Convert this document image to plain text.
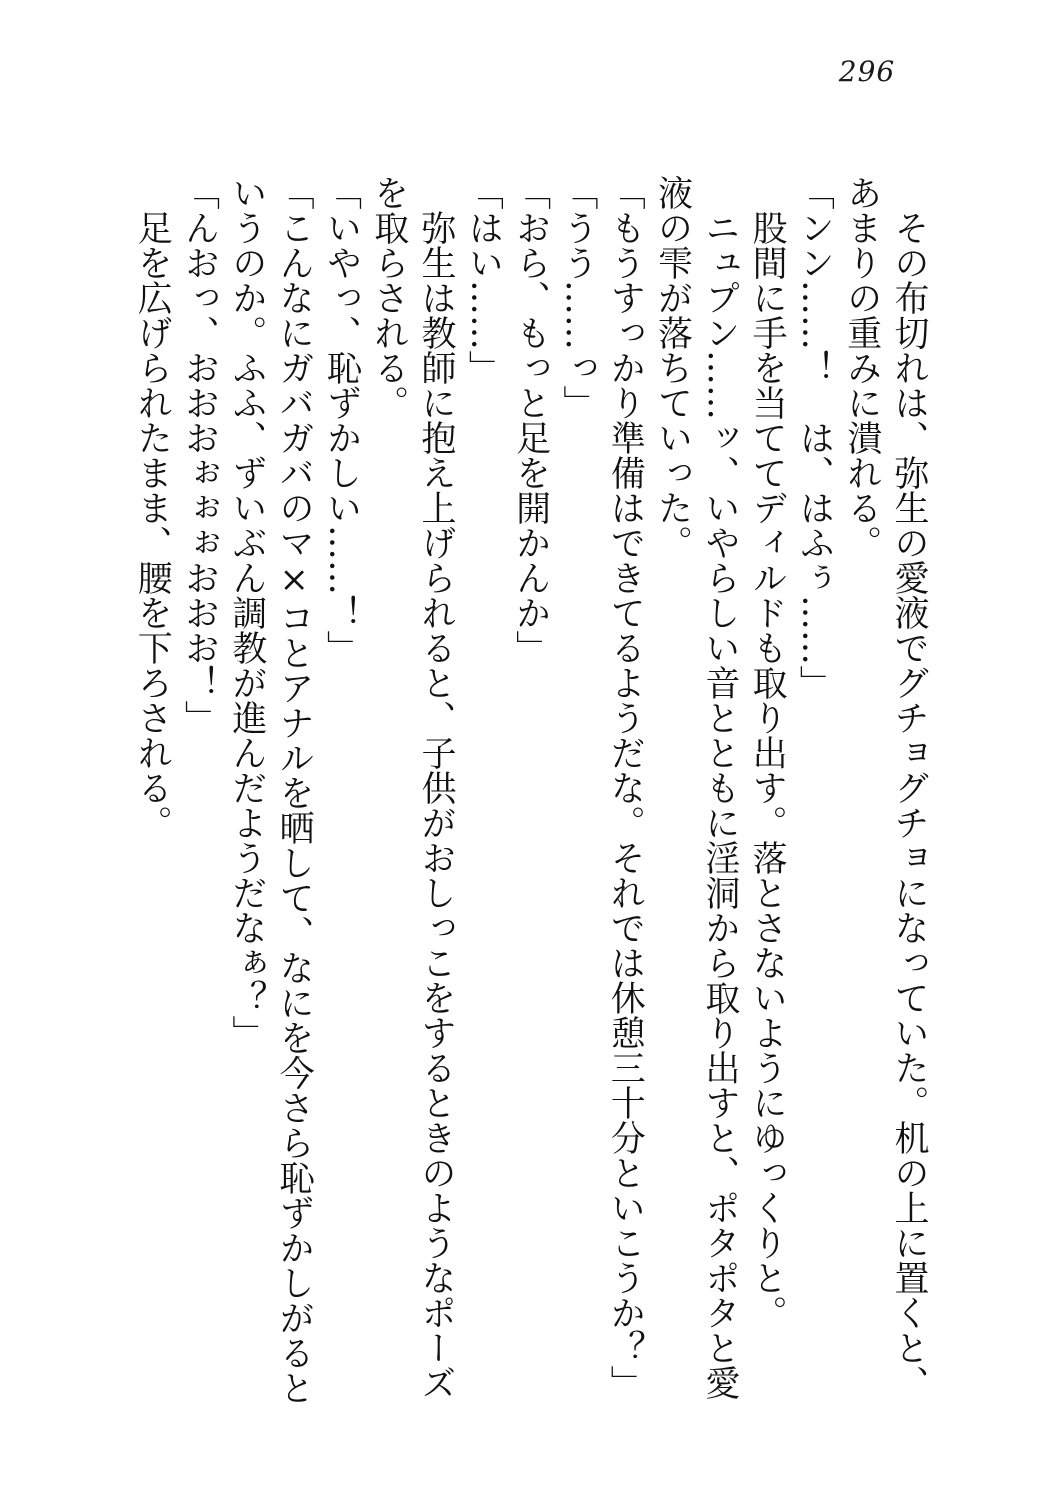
296

その布切れは、弥生の愛液でグチョグチョになっていた。机の上に置くと、あまりの重みに潰れる。

「ンン……！　は、はふぅ……」

股間に手を当ててディルドも取り出す。落とさないようにゆっくりと。

ニュプン……ッ、いやらしい音とともに淫洞から取り出すと、ポタポタと愛液の雫が落ちていった。

「もうすっかり準備はできてるようだな。それでは休憩三十分といこうか？」

「うう……っ」

「おら、もっと足を開かんか」

「はい……」

弥生は教師に抱え上げられると、子供がおしっこをするときのようなポーズを取らされる。

「いやっ、恥ずかしい……！」

「こんなにガバガバのマ×コとアナルを晒して、なにを今さら恥ずかしがるというのか。ふふ、ずいぶん調教が進んだようだなぁ？」

「んおっ、おおおぉぉぉおおお！」

足を広げられたまま、腰を下ろされる。
